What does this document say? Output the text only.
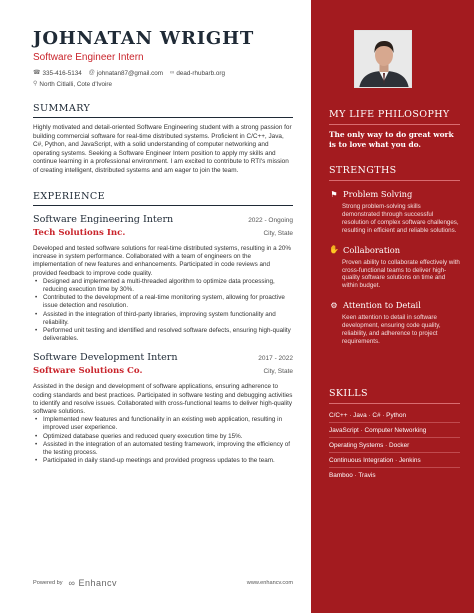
JOHNATAN WRIGHT
Software Engineer Intern
☎ 335-416-5134 @ johnatan87@gmail.com ∞ dead-rhubarb.org
⚲ North Citlalli, Cote d'Ivoire
SUMMARY
Highly motivated and detail-oriented Software Engineering student with a strong passion for building commercial software for real-time distributed systems. Proficient in C/C++, Java, C#, Python, and JavaScript, with a solid understanding of computer networking and operating systems. Seeking a Software Engineer Intern position to apply my skills and continue learning in a professional environment. I am excited to contribute to RTI's mission of creating intelligent, distributed systems and am eager to join the team.
EXPERIENCE
Software Engineering Intern	2022 - Ongoing
Tech Solutions Inc.	City, State
Developed and tested software solutions for real-time distributed systems, resulting in a 20% increase in system performance. Collaborated with a team of engineers on the implementation of new features and enhancements. Participated in code reviews and provided feedback to improve code quality.
• Designed and implemented a multi-threaded algorithm to optimize data processing, reducing execution time by 30%.
• Contributed to the development of a real-time monitoring system, allowing for proactive issue detection and resolution.
• Assisted in the integration of third-party libraries, improving system functionality and reliability.
• Performed unit testing and identified and resolved software defects, ensuring high-quality deliverables.
Software Development Intern	2017 - 2022
Software Solutions Co.	City, State
Assisted in the design and development of software applications, ensuring adherence to coding standards and best practices. Participated in software testing and debugging activities to identify and resolve issues. Collaborated with cross-functional teams to deliver high-quality software solutions.
• Implemented new features and functionality in an existing web application, resulting in improved user experience.
• Optimized database queries and reduced query execution time by 15%.
• Assisted in the integration of an automated testing framework, improving the efficiency of the testing process.
• Participated in daily stand-up meetings and provided progress updates to the team.
Powered by ∞ Enhancv	www.enhancv.com
MY LIFE PHILOSOPHY
The only way to do great work is to love what you do.
STRENGTHS
⚑ Problem Solving
Strong problem-solving skills demonstrated through successful resolution of complex software challenges, resulting in efficient and reliable solutions.
✋ Collaboration
Proven ability to collaborate effectively with cross-functional teams to deliver high-quality software solutions on time and within budget.
⚙ Attention to Detail
Keen attention to detail in software development, ensuring code quality, reliability, and adherence to project requirements.
SKILLS
C/C++ · Java · C# · Python
JavaScript · Computer Networking
Operating Systems · Docker
Continuous Integration · Jenkins
Bamboo · Travis
